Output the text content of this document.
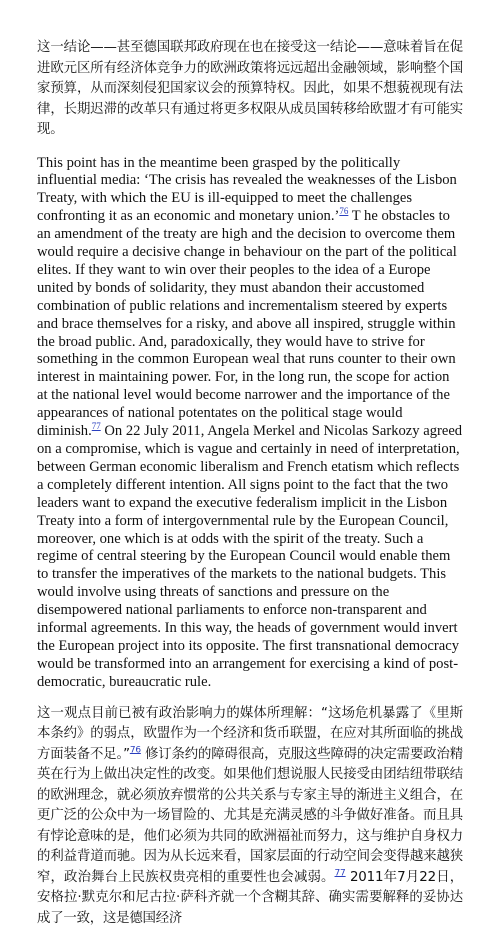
这一结论——甚至德国联邦政府现在也在接受这一结论——意味着旨在促进欧元区所有经济体竞争力的欧洲政策将远远超出金融领域，影响整个国家预算，从而深刻侵犯国家议会的预算特权。因此，如果不想藐视现有法律，长期迟滞的改革只有通过将更多权限从成员国转移给欧盟才有可能实现。

This point has in the meantime been grasped by the politically influential media: ‘The crisis has revealed the weaknesses of the Lisbon Treaty, with which the EU is ill-equipped to meet the challenges confronting it as an economic and monetary union.’$^{76}$ T he obstacles to an amendment of the treaty are high and the decision to overcome them would require a decisive change in behaviour on the part of the political elites. If they want to win over their peoples to the idea of a Europe united by bonds of solidarity, they must abandon their accustomed combination of public relations and incrementalism steered by experts and brace themselves for a risky, and above all inspired, struggle within the broad public. And, paradoxically, they would have to strive for something in the common European weal that runs counter to their own interest in maintaining power. For, in the long run, the scope for action at the national level would become narrower and the importance of the appearances of national potentates on the political stage would diminish.$^{77}$ On 22 July 2011, Angela Merkel and Nicolas Sarkozy agreed on a compromise, which is vague and certainly in need of interpretation, between German economic liberalism and French etatism which reflects a completely different intention. All signs point to the fact that the two leaders want to expand the executive federalism implicit in the Lisbon Treaty into a form of intergovernmental rule by the European Council, moreover, one which is at odds with the spirit of the treaty. Such a regime of central steering by the European Council would enable them to transfer the imperatives of the markets to the national budgets. This would involve using threats of sanctions and pressure on the disempowered national parliaments to enforce non-transparent and informal agreements. In this way, the heads of government would invert the European project into its opposite. The first transnational democracy would be transformed into an arrangement for exercising a kind of post-democratic, bureaucratic rule.

这一观点目前已被有政治影响力的媒体所理解：“这场危机暴露了《里斯本条约》的弱点，欧盟作为一个经济和货币联盟，在应对其所面临的挑战方面装备不足。”$^{76}$ 修订条约的障碍很高，克服这些障碍的决定需要政治精英在行为上做出决定性的改变。如果他们想说服人民接受由团结纽带联结的欧洲理念，就必须放弃惯常的公共关系与专家主导的渐进主义组合，在更广泛的公众中为一场冒险的、尤其是充满灵感的斗争做好准备。而且具有悖论意味的是，他们必须为共同的欧洲福祉而努力，这与维护自身权力的利益背道而驰。因为从长远来看，国家层面的行动空间会变得越来越狭窄，政治舞台上民族权贵亮相的重要性也会减弱。$^{77}$ 2011年7月22日，安格拉·默克尔和尼古拉·萨科齐就一个含糊其辞、确实需要解释的妥协达成了一致，这是德国经济
